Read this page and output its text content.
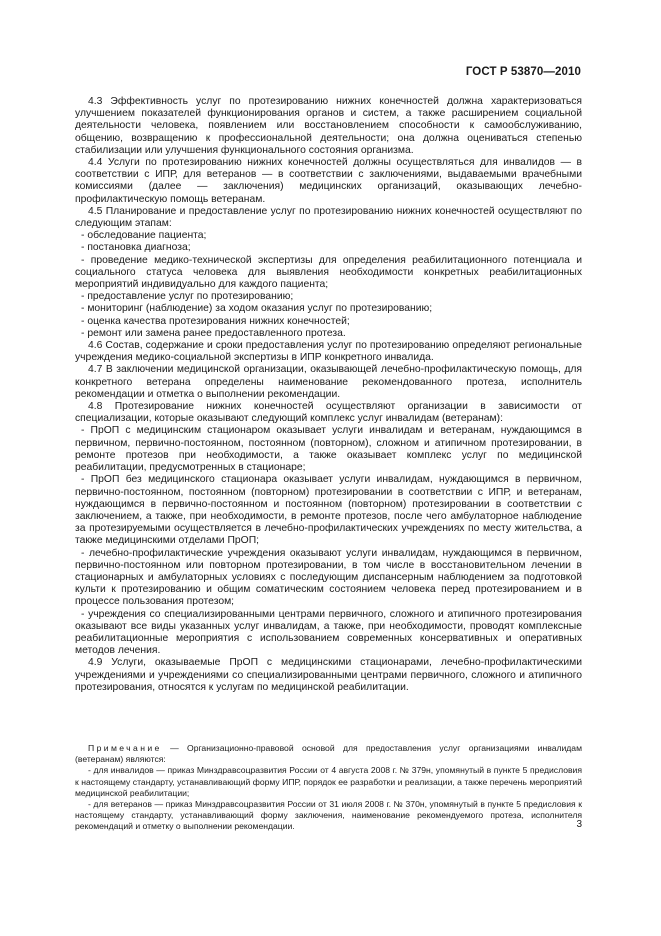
ГОСТ Р 53870—2010

4.3 Эффективность услуг по протезированию нижних конечностей должна характеризоваться улучшением показателей функционирования органов и систем, а также расширением социальной деятельности человека, появлением или восстановлением способности к самообслуживанию, общению, возвращению к профессиональной деятельности; она должна оцениваться степенью стабилизации или улучшения функционального состояния организма.

4.4 Услуги по протезированию нижних конечностей должны осуществляться для инвалидов — в соответствии с ИПР, для ветеранов — в соответствии с заключениями, выдаваемыми врачебными комиссиями (далее — заключения) медицинских организаций, оказывающих лечебно-профилактическую помощь ветеранам.

4.5 Планирование и предоставление услуг по протезированию нижних конечностей осуществляют по следующим этапам:

- обследование пациента;

- постановка диагноза;

- проведение медико-технической экспертизы для определения реабилитационного потенциала и социального статуса человека для выявления необходимости конкретных реабилитационных мероприятий индивидуально для каждого пациента;

- предоставление услуг по протезированию;

- мониторинг (наблюдение) за ходом оказания услуг по протезированию;

- оценка качества протезирования нижних конечностей;

- ремонт или замена ранее предоставленного протеза.

4.6 Состав, содержание и сроки предоставления услуг по протезированию определяют региональные учреждения медико-социальной экспертизы в ИПР конкретного инвалида.

4.7 В заключении медицинской организации, оказывающей лечебно-профилактическую помощь, для конкретного ветерана определены наименование рекомендованного протеза, исполнитель рекомендации и отметка о выполнении рекомендации.

4.8 Протезирование нижних конечностей осуществляют организации в зависимости от специализации, которые оказывают следующий комплекс услуг инвалидам (ветеранам):

- ПрОП с медицинским стационаром оказывает услуги инвалидам и ветеранам, нуждающимся в первичном, первично-постоянном, постоянном (повторном), сложном и атипичном протезировании, в ремонте протезов при необходимости, а также оказывает комплекс услуг по медицинской реабилитации, предусмотренных в стационаре;

- ПрОП без медицинского стационара оказывает услуги инвалидам, нуждающимся в первичном, первично-постоянном, постоянном (повторном) протезировании в соответствии с ИПР, и ветеранам, нуждающимся в первично-постоянном и постоянном (повторном) протезировании в соответствии с заключением, а также, при необходимости, в ремонте протезов, после чего амбулаторное наблюдение за протезируемыми осуществляется в лечебно-профилактических учреждениях по месту жительства, а также медицинскими отделами ПрОП;

- лечебно-профилактические учреждения оказывают услуги инвалидам, нуждающимся в первичном, первично-постоянном или повторном протезировании, в том числе в восстановительном лечении в стационарных и амбулаторных условиях с последующим диспансерным наблюдением за подготовкой культи к протезированию и общим соматическим состоянием человека перед протезированием и в процессе пользования протезом;

- учреждения со специализированными центрами первичного, сложного и атипичного протезирования оказывают все виды указанных услуг инвалидам, а также, при необходимости, проводят комплексные реабилитационные мероприятия с использованием современных консервативных и оперативных методов лечения.

4.9 Услуги, оказываемые ПрОП с медицинскими стационарами, лечебно-профилактическими учреждениями и учреждениями со специализированными центрами первичного, сложного и атипичного протезирования, относятся к услугам по медицинской реабилитации.

Примечание — Организационно-правовой основой для предоставления услуг организациями инвалидам (ветеранам) являются:

- для инвалидов — приказ Минздравсоцразвития России от 4 августа 2008 г. № 379н, упомянутый в пункте 5 предисловия к настоящему стандарту, устанавливающий форму ИПР, порядок ее разработки и реализации, а также перечень мероприятий медицинской реабилитации;

- для ветеранов — приказ Минздравсоцразвития России от 31 июля 2008 г. № 370н, упомянутый в пункте 5 предисловия к настоящему стандарту, устанавливающий форму заключения, наименование рекомендуемого протеза, исполнителя рекомендаций и отметку о выполнении рекомендации.	3
